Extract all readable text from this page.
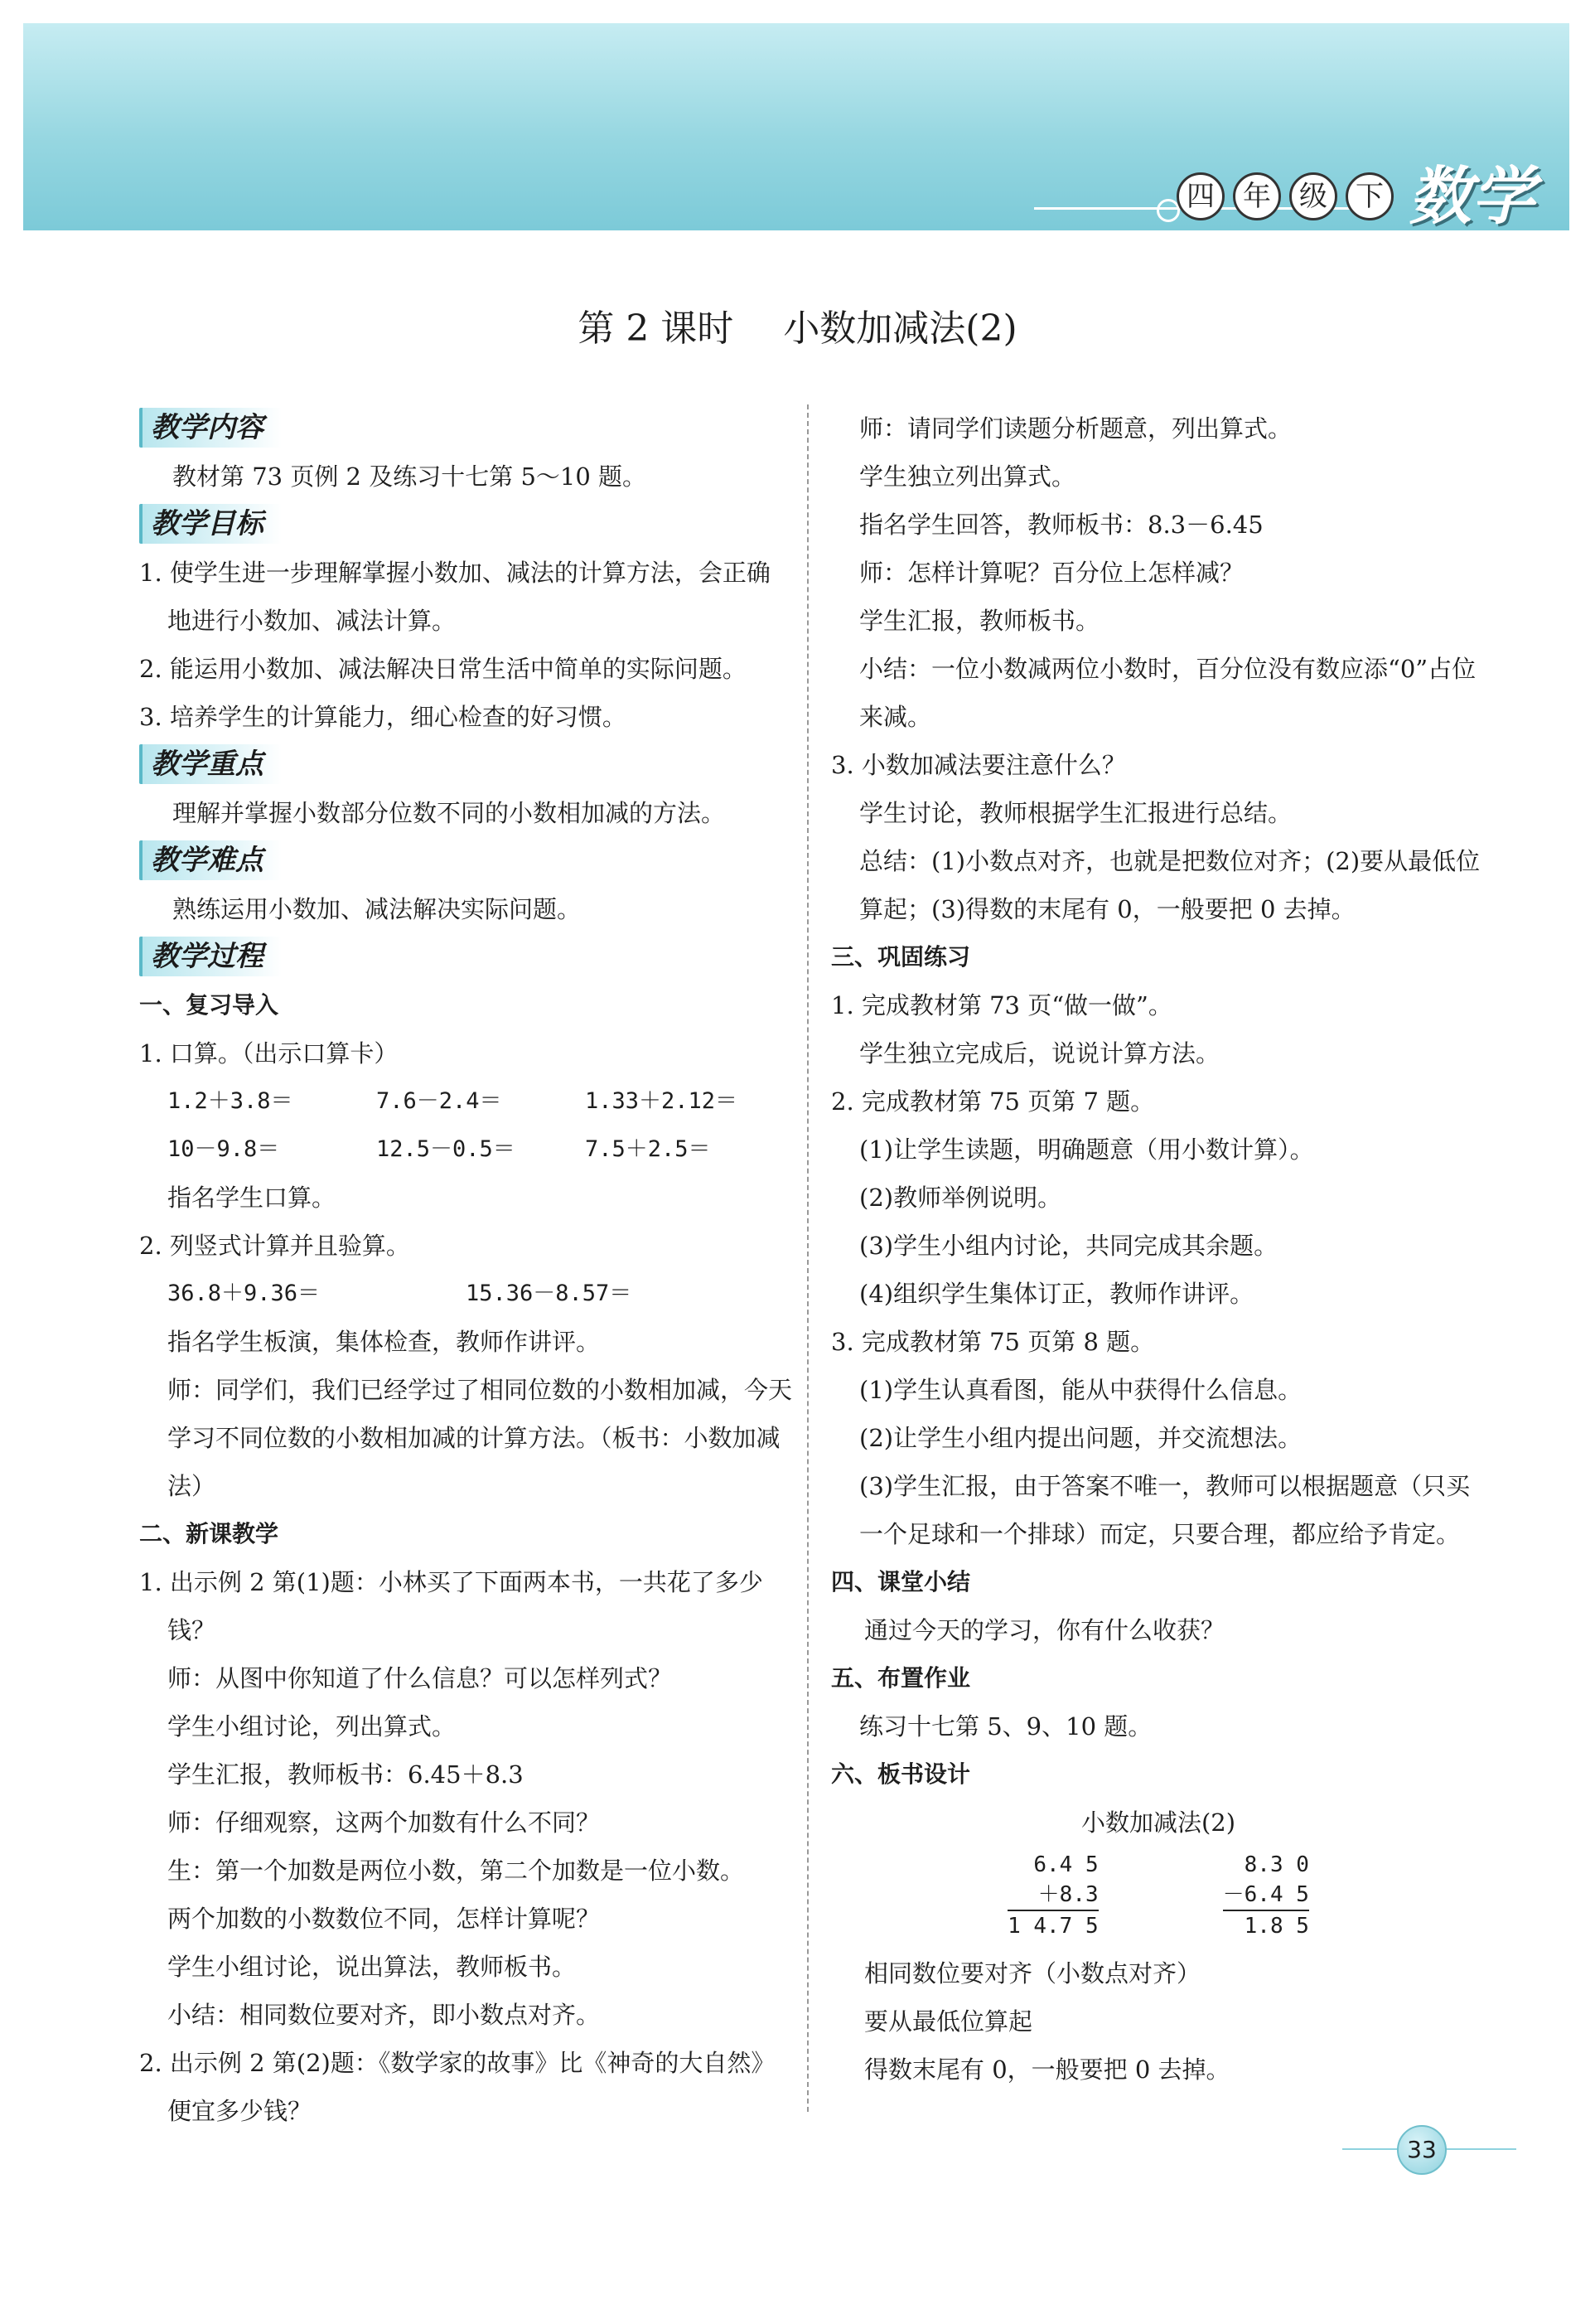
四	年	级	下 数学
第 2 课时 小数加减法(2)
教学内容

教材第 73 页例 2 及练习十七第 5～10 题。

教学目标

1. 使学生进一步理解掌握小数加、减法的计算方法，会正确地进行小数加、减法计算。

2. 能运用小数加、减法解决日常生活中简单的实际问题。

3. 培养学生的计算能力，细心检查的好习惯。

教学重点

理解并掌握小数部分位数不同的小数相加减的方法。

教学难点

熟练运用小数加、减法解决实际问题。

教学过程

一、复习导入

1. 口算。（出示口算卡）

1.2＋3.8＝	7.6－2.4＝	1.33＋2.12＝
10－9.8＝	12.5－0.5＝	7.5＋2.5＝

指名学生口算。

2. 列竖式计算并且验算。

36.8＋9.36＝	15.36－8.57＝

指名学生板演，集体检查，教师作讲评。

师：同学们，我们已经学过了相同位数的小数相加减，今天学习不同位数的小数相加减的计算方法。（板书：小数加减法）

二、新课教学

1. 出示例 2 第(1)题：小林买了下面两本书，一共花了多少钱？

师：从图中你知道了什么信息？可以怎样列式？

学生小组讨论，列出算式。

学生汇报，教师板书：6.45＋8.3

师：仔细观察，这两个加数有什么不同？

生：第一个加数是两位小数，第二个加数是一位小数。

两个加数的小数数位不同，怎样计算呢？

学生小组讨论，说出算法，教师板书。

小结：相同数位要对齐，即小数点对齐。

2. 出示例 2 第(2)题：《数学家的故事》比《神奇的大自然》便宜多少钱？

师：请同学们读题分析题意，列出算式。

学生独立列出算式。

指名学生回答，教师板书：8.3－6.45

师：怎样计算呢？百分位上怎样减？

学生汇报，教师板书。

小结：一位小数减两位小数时，百分位没有数应添“0”占位来减。

3. 小数加减法要注意什么？

学生讨论，教师根据学生汇报进行总结。

总结：(1)小数点对齐，也就是把数位对齐；(2)要从最低位算起；(3)得数的末尾有 0，一般要把 0 去掉。

三、巩固练习

1. 完成教材第 73 页“做一做”。

学生独立完成后，说说计算方法。

2. 完成教材第 75 页第 7 题。

(1)让学生读题，明确题意（用小数计算）。

(2)教师举例说明。

(3)学生小组内讨论，共同完成其余题。

(4)组织学生集体订正，教师作讲评。

3. 完成教材第 75 页第 8 题。

(1)学生认真看图，能从中获得什么信息。

(2)让学生小组内提出问题，并交流想法。

(3)学生汇报，由于答案不唯一，教师可以根据题意（只买一个足球和一个排球）而定，只要合理，都应给予肯定。

四、课堂小结

通过今天的学习，你有什么收获？

五、布置作业

练习十七第 5、9、10 题。

六、板书设计

小数加减法(2)

6.4 5
＋8.3
1 4.7 5
8.3 0
－6.4 5
1.8 5

相同数位要对齐（小数点对齐）

要从最低位算起

得数末尾有 0，一般要把 0 去掉。

33
